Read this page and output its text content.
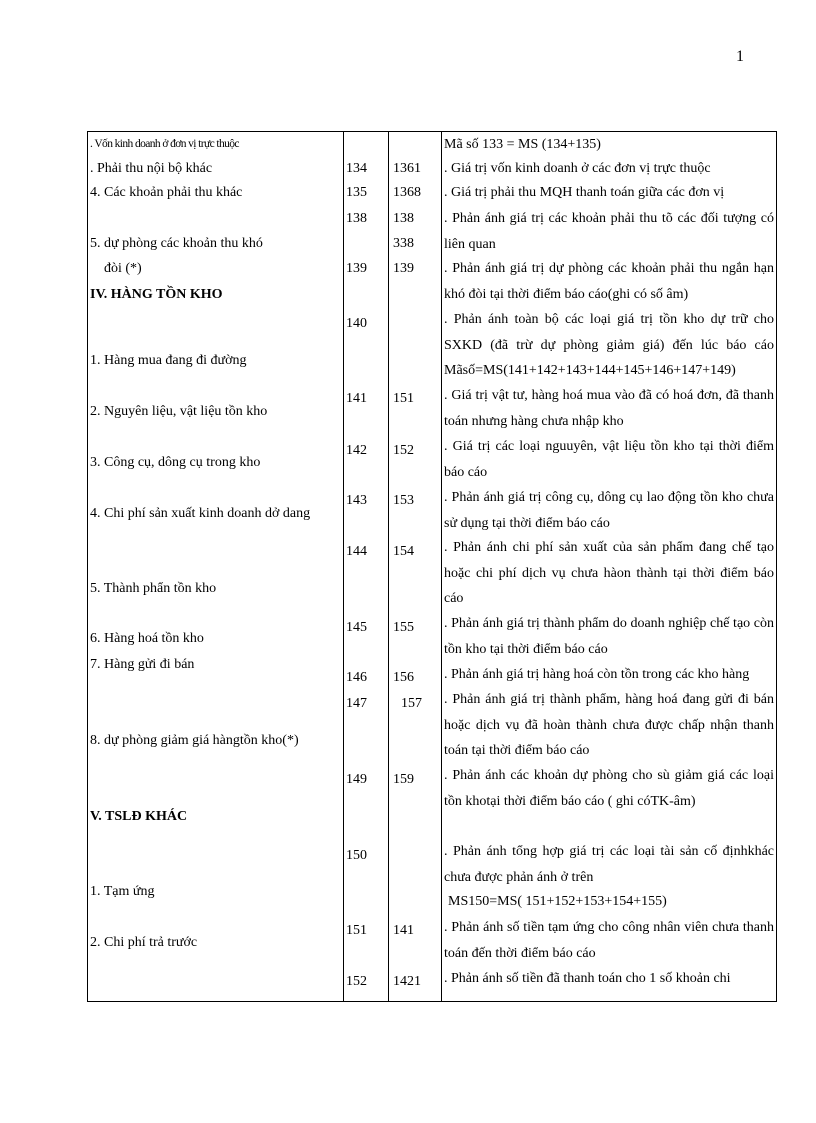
1
. Vốn kinh doanh ở đơn vị trực thuộc
. Phải thu nội bộ khác
4. Các khoản phải thu khác
5. dự phòng các khoản thu khó
đòi (*)
IV. HÀNG TỒN KHO
1. Hàng mua đang đi đường
2. Nguyên liệu, vật liệu tồn kho
3. Công cụ, dông cụ trong kho
4. Chi phí sản xuất kinh doanh dở dang
5. Thành phẩn tồn kho
6. Hàng hoá tồn kho
7. Hàng gửi đi bán
8. dự phòng giảm giá hàngtồn kho(*)
V. TSLĐ KHÁC
1. Tạm ứng
2. Chi phí trả trước
134
135
138
139
140
141
142
143
144
145
146
147
149
150
151
152
1361
1368
138
338
139
151
152
153
154
155
156
157
159
141
1421
Mã số 133 = MS (134+135)
. Giá trị vốn kinh doanh ở các đơn vị trực thuộc
. Giá trị phải thu MQH thanh toán giữa các đơn vị
. Phản ánh giá trị các khoản phải thu tõ các đối tượng có liên quan
. Phản ánh giá trị dự phòng các khoản phải thu ngắn hạn khó đòi tại thời điểm báo cáo(ghi có số âm)
. Phản ánh toàn bộ các loại giá trị tồn kho dự trữ cho SXKD (đã trừ dự phòng giảm giá) đến lúc báo cáo Mãsố=MS(141+142+143+144+145+146+147+149)
. Giá trị vật tư, hàng hoá mua vào đã có hoá đơn, đã thanh toán nhưng hàng chưa nhập kho
. Giá trị các loại nguuyên, vật liệu tồn kho tại thời điểm báo cáo
. Phản ánh giá trị công cụ, dông cụ lao động tồn kho chưa sử dụng tại thời điểm báo cáo
. Phản ánh chi phí sản xuất của sản phẩm đang chế tạo hoặc chi phí dịch vụ chưa hàon thành tại thời điểm báo cáo
. Phản ánh giá trị thành phẩm do doanh nghiệp chế tạo còn tồn kho tại thời điểm báo cáo
. Phản ánh giá trị hàng hoá còn tồn trong các kho hàng
. Phản ánh giá trị thành phẩm, hàng hoá đang gửi đi bán hoặc dịch vụ đã hoàn thành chưa được chấp nhận thanh toán tại thời điểm báo cáo
. Phản ánh các khoản dự phòng cho sù giảm giá các loại tồn khotại thời điểm báo cáo ( ghi cóTK-âm)
. Phản ánh tổng hợp giá trị các loại tài sản cố địnhkhác chưa được phản ánh ở trên
MS150=MS( 151+152+153+154+155)
. Phản ánh số tiền tạm ứng cho công nhân viên chưa thanh toán đến thời điểm báo cáo
. Phản ánh số tiền đã thanh toán cho 1 số khoản chi
